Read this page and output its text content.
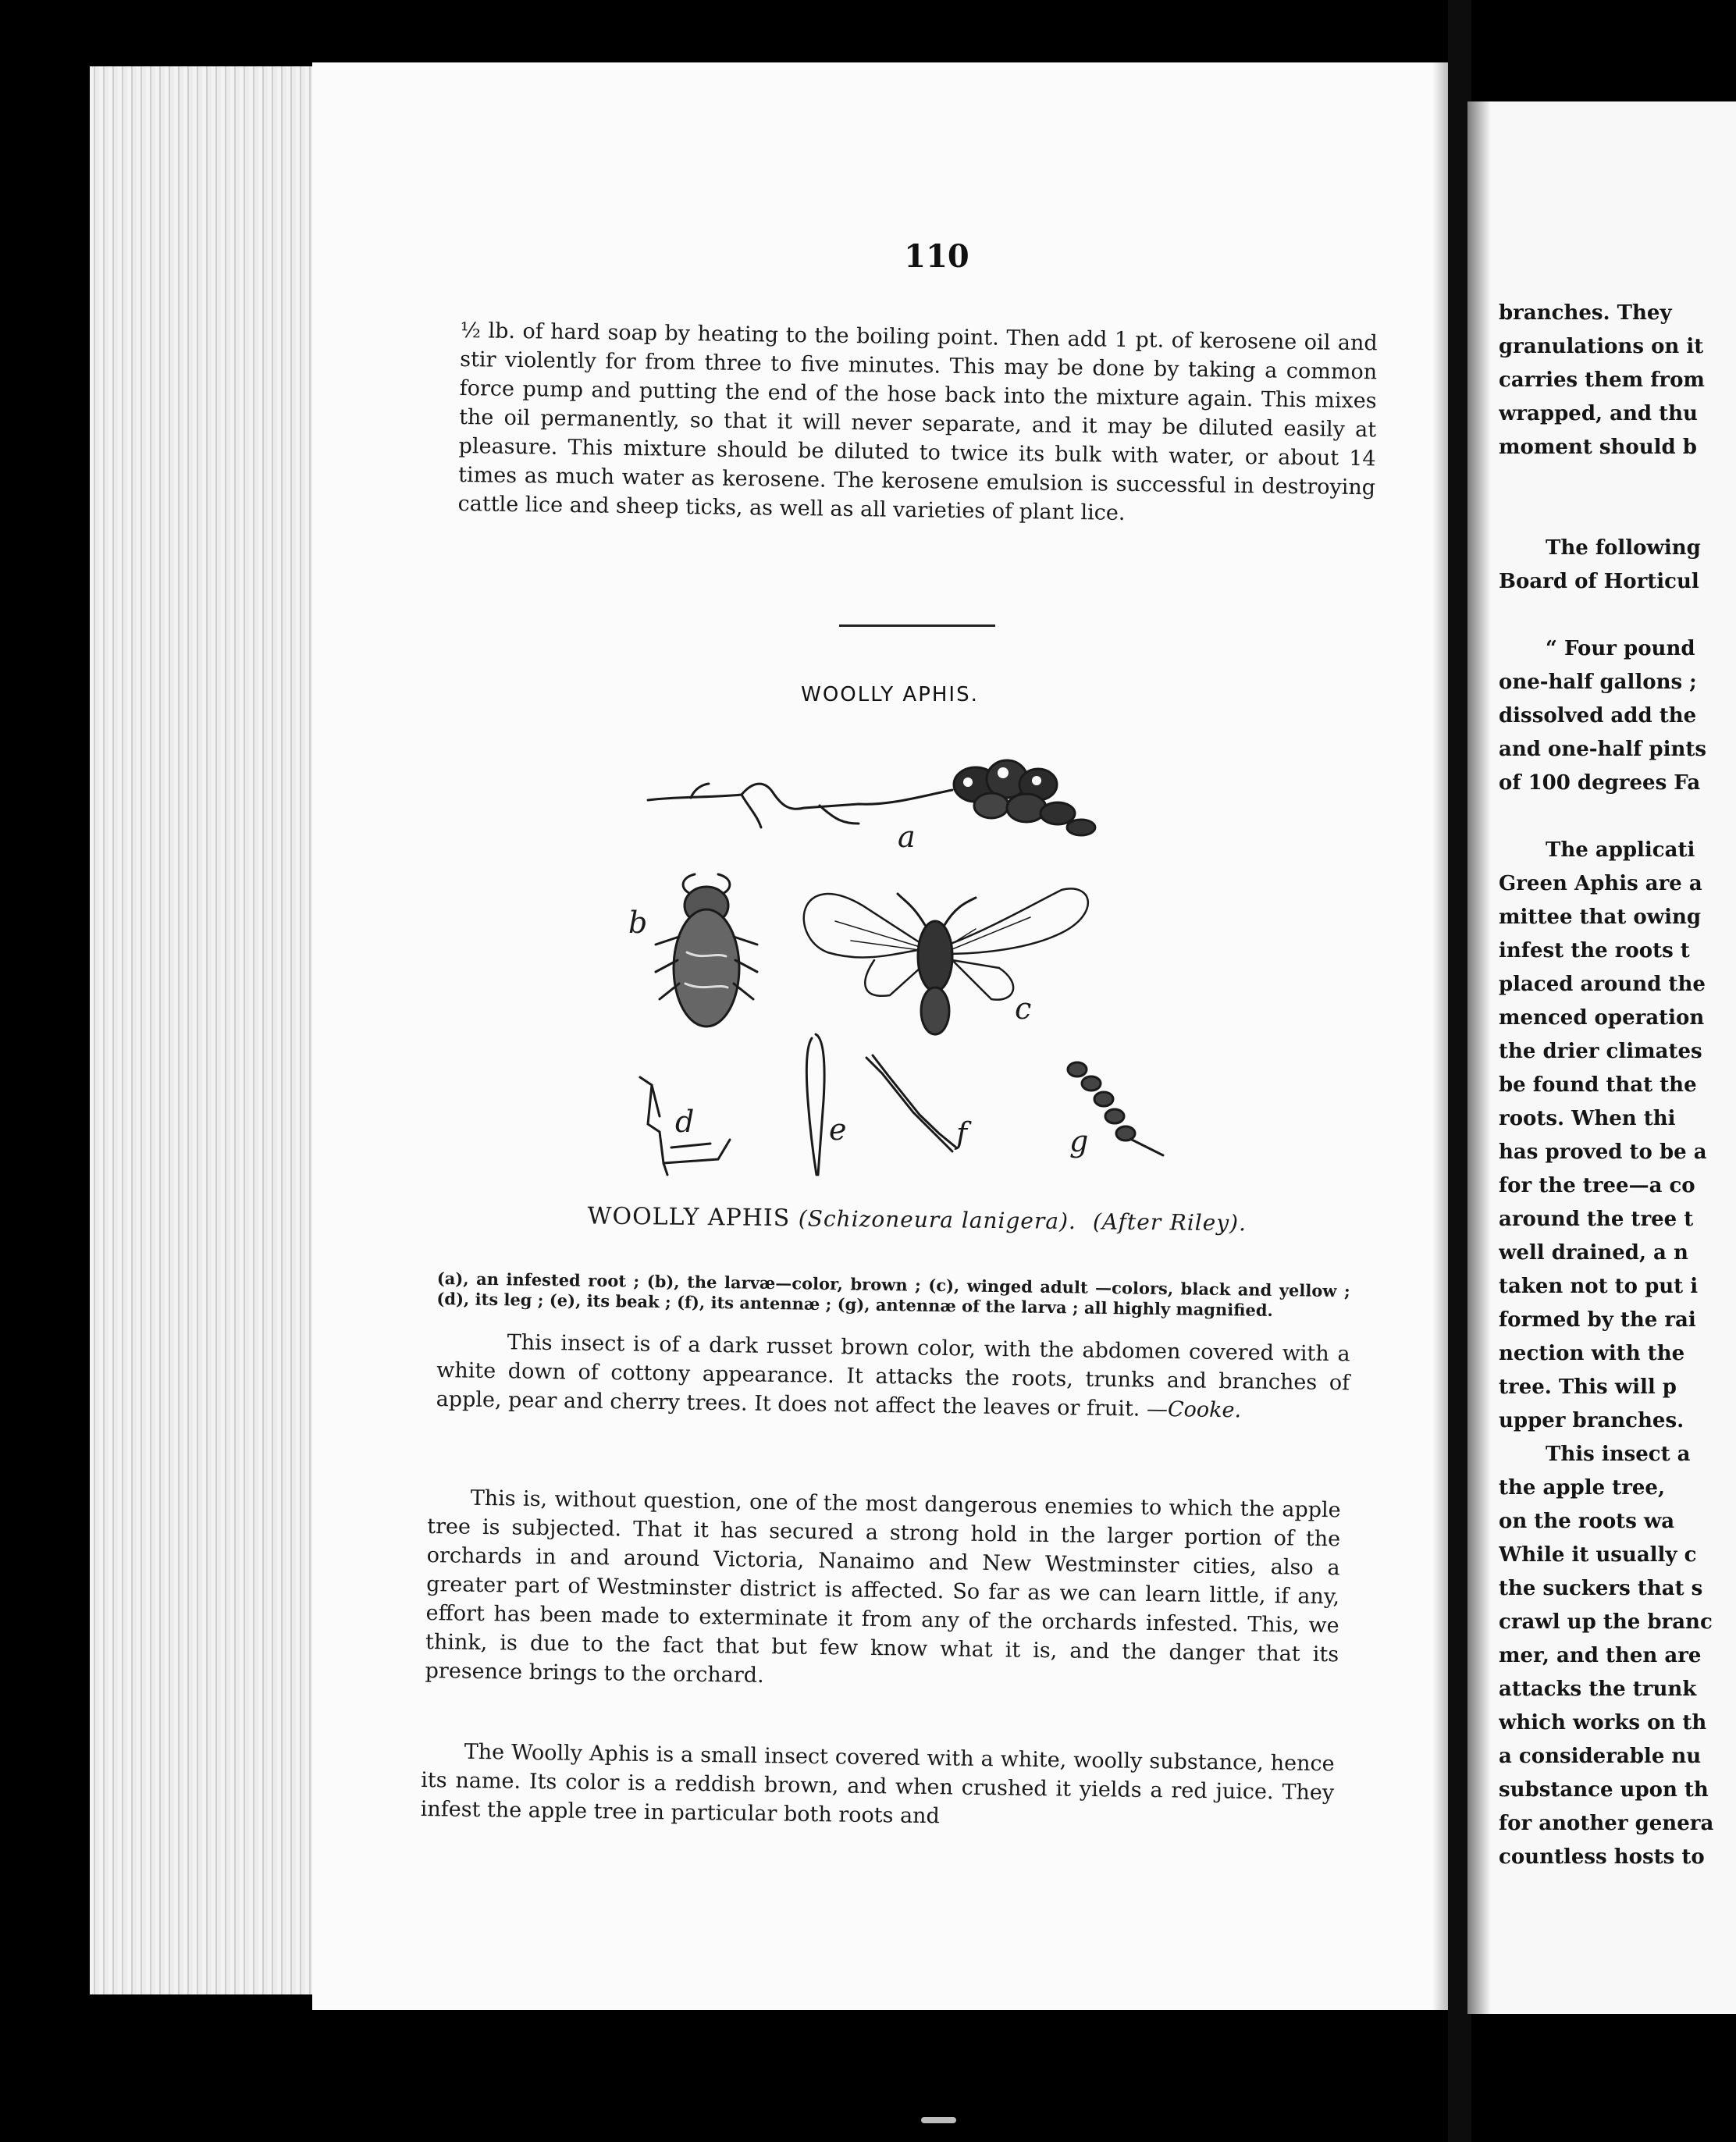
110

½ lb. of hard soap by heating to the boiling point. Then add 1 pt. of kerosene oil and stir violently for from three to five minutes. This may be done by taking a common force pump and putting the end of the hose back into the mixture again. This mixes the oil permanently, so that it will never separate, and it may be diluted easily at pleasure. This mixture should be diluted to twice its bulk with water, or about 14 times as much water as kerosene. The kerosene emulsion is successful in destroying cattle lice and sheep ticks, as well as all varieties of plant lice.

WOOLLY APHIS.
a
b
c
d	e	f	g
WOOLLY APHIS (Schizoneura lanigera). (After Riley).

(a), an infested root ; (b), the larvæ—color, brown ; (c), winged adult —colors, black and yellow ; (d), its leg ; (e), its beak ; (f), its antennæ ; (g), antennæ of the larva ; all highly magnified.

This insect is of a dark russet brown color, with the abdomen covered with a white down of cottony appearance. It attacks the roots, trunks and branches of apple, pear and cherry trees. It does not affect the leaves or fruit. —Cooke.

This is, without question, one of the most dangerous enemies to which the apple tree is subjected. That it has secured a strong hold in the larger portion of the orchards in and around Victoria, Nanaimo and New Westminster cities, also a greater part of Westminster district is affected. So far as we can learn little, if any, effort has been made to exterminate it from any of the orchards infested. This, we think, is due to the fact that but few know what it is, and the danger that its presence brings to the orchard.

The Woolly Aphis is a small insect covered with a white, woolly substance, hence its name. Its color is a reddish brown, and when crushed it yields a red juice. They infest the apple tree in particular both roots and

branches. They
granulations on it
carries them from
wrapped, and thu
moment should b
The following
Board of Horticul
“ Four pound
one-half gallons ;
dissolved add the
and one-half pints
of 100 degrees Fa
The applicati
Green Aphis are a
mittee that owing
infest the roots t
placed around the
menced operation
the drier climates
be found that the
roots. When thi
has proved to be a
for the tree—a co
around the tree t
well drained, a n
taken not to put i
formed by the rai
nection with the
tree. This will p
upper branches.
This insect a
the apple tree,
on the roots wa
While it usually c
the suckers that s
crawl up the branc
mer, and then are
attacks the trunk
which works on th
a considerable nu
substance upon th
for another genera
countless hosts to
